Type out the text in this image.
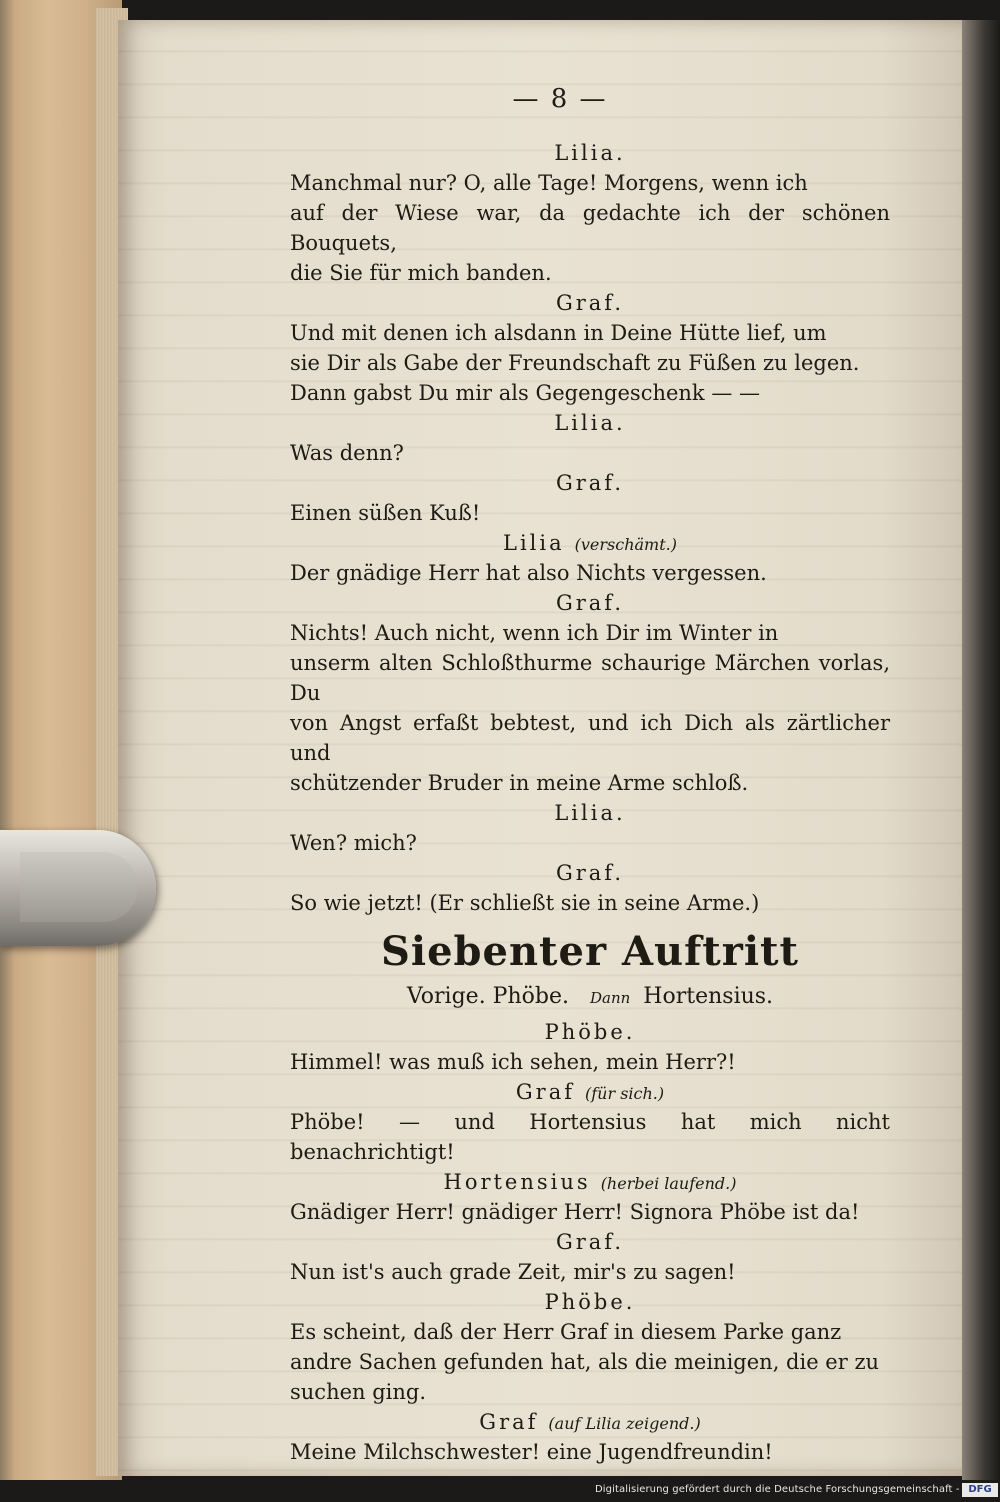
— 8 —
Lilia.
Manchmal nur? O, alle Tage! Morgens, wenn ich
auf der Wiese war, da gedachte ich der schönen Bouquets,
die Sie für mich banden.
Graf.
Und mit denen ich alsdann in Deine Hütte lief, um
sie Dir als Gabe der Freundschaft zu Füßen zu legen.
Dann gabst Du mir als Gegengeschenk — —
Lilia.
Was denn?
Graf.
Einen süßen Kuß!
Lilia (verschämt.)
Der gnädige Herr hat also Nichts vergessen.
Graf.
Nichts! Auch nicht, wenn ich Dir im Winter in
unserm alten Schloßthurme schaurige Märchen vorlas, Du
von Angst erfaßt bebtest, und ich Dich als zärtlicher und
schützender Bruder in meine Arme schloß.
Lilia.
Wen? mich?
Graf.
So wie jetzt! (Er schließt sie in seine Arme.)
Siebenter Auftritt
Vorige. Phöbe. Dann Hortensius.
Phöbe.
Himmel! was muß ich sehen, mein Herr?!
Graf (für sich.)
Phöbe! — und Hortensius hat mich nicht benachrichtigt!
Hortensius (herbei laufend.)
Gnädiger Herr! gnädiger Herr! Signora Phöbe ist da!
Graf.
Nun ist's auch grade Zeit, mir's zu sagen!
Phöbe.
Es scheint, daß der Herr Graf in diesem Parke ganz
andre Sachen gefunden hat, als die meinigen, die er zu
suchen ging.
Graf (auf Lilia zeigend.)
Meine Milchschwester! eine Jugendfreundin!
Digitalisierung gefördert durch die Deutsche Forschungsgemeinschaft - DFG
